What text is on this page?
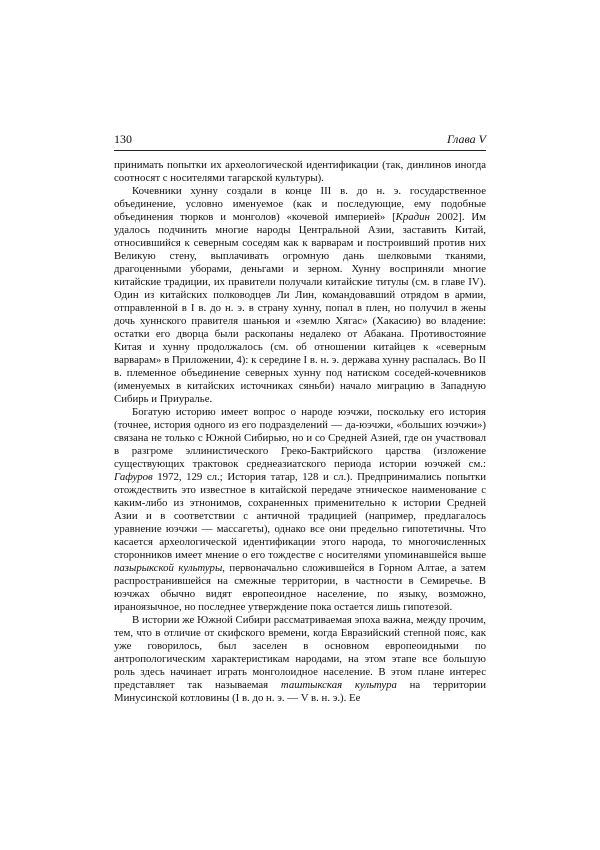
130	Глава V

принимать попытки их археологической идентификации (так, динлинов иногда соотносят с носителями тагарской культуры).

Кочевники хунну создали в конце III в. до н. э. государственное объединение, условно именуемое (как и последующие, ему подобные объединения тюрков и монголов) «кочевой империей» [Крадин 2002]. Им удалось подчинить многие народы Центральной Азии, заставить Китай, относившийся к северным соседям как к варварам и построивший против них Великую стену, выплачивать огромную дань шелковыми тканями, драгоценными уборами, деньгами и зерном. Хунну восприняли многие китайские традиции, их правители получали китайские титулы (см. в главе IV). Один из китайских полководцев Ли Лин, командовавший отрядом в армии, отправленной в I в. до н. э. в страну хунну, попал в плен, но получил в жены дочь хуннского правителя шаньюя и «землю Хягас» (Хакасию) во владение: остатки его дворца были раскопаны недалеко от Абакана. Противостояние Китая и хунну продолжалось (см. об отношении китайцев к «северным варварам» в Приложении, 4): к середине I в. н. э. держава хунну распалась. Во II в. племенное объединение северных хунну под натиском соседей-кочевников (именуемых в китайских источниках сяньби) начало миграцию в Западную Сибирь и Приуралье.

Богатую историю имеет вопрос о народе юэчжи, поскольку его история (точнее, история одного из его подразделений — да-юэчжи, «больших юэчжи») связана не только с Южной Сибирью, но и со Средней Азией, где он участвовал в разгроме эллинистического Греко-Бактрийского царства (изложение существующих трактовок среднеазиатского периода истории юэчжей см.: Гафуров 1972, 129 сл.; История татар, 128 и сл.). Предпринимались попытки отождествить это известное в китайской передаче этническое наименование с каким-либо из этнонимов, сохраненных применительно к истории Средней Азии и в соответствии с античной традицией (например, предлагалось уравнение юэчжи — массагеты), однако все они предельно гипотетичны. Что касается археологической идентификации этого народа, то многочисленных сторонников имеет мнение о его тождестве с носителями упоминавшейся выше пазырыкской культуры, первоначально сложившейся в Горном Алтае, а затем распространившейся на смежные территории, в частности в Семиречье. В юэчжах обычно видят европеоидное население, по языку, возможно, ираноязычное, но последнее утверждение пока остается лишь гипотезой.

В истории же Южной Сибири рассматриваемая эпоха важна, между прочим, тем, что в отличие от скифского времени, когда Евразийский степной пояс, как уже говорилось, был заселен в основном европеоидными по антропологическим характеристикам народами, на этом этапе все большую роль здесь начинает играть монголоидное население. В этом плане интерес представляет так называемая таштыкская культура на территории Минусинской котловины (I в. до н. э. — V в. н. э.). Ее
